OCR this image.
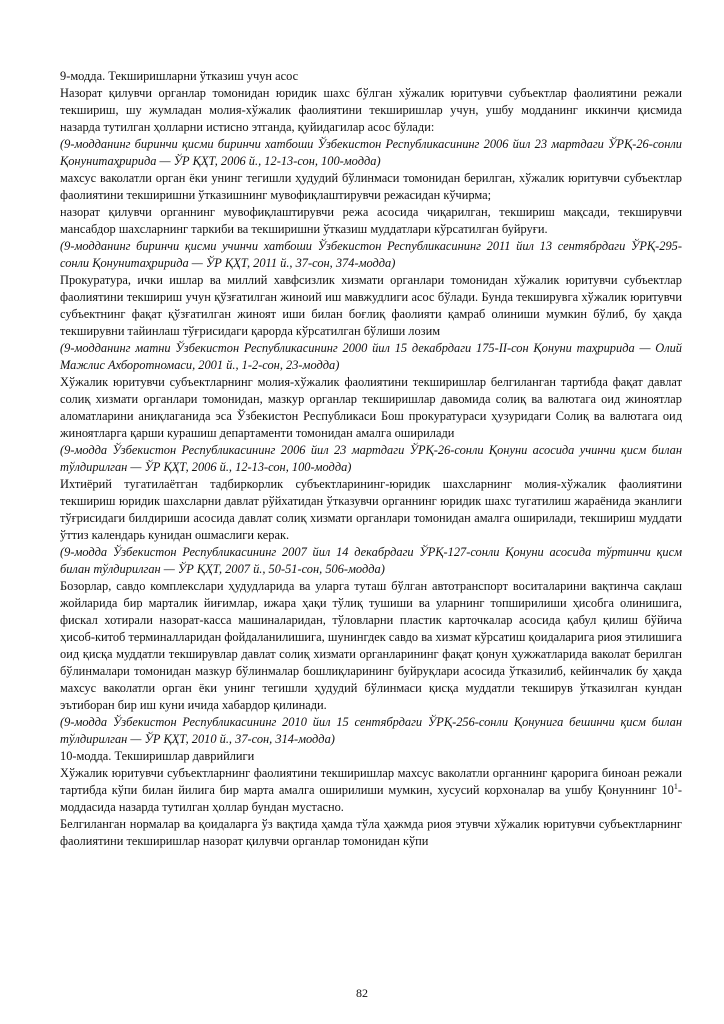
9-модда. Текширишларни ўтказиш учун асос

Назорат қилувчи органлар томонидан юридик шахс бўлган хўжалик юритувчи субъектлар фаолиятини режали текшириш, шу жумладан молия-хўжалик фаолиятини текширишлар учун, ушбу модданинг иккинчи қисмида назарда тутилган ҳолларни истисно этганда, қуйидагилар асос бўлади:

(9-модданинг биринчи қисми биринчи хатбоши Ўзбекистон Республикасининг 2006 йил 23 мартдаги ЎРҚ-26-сонли Қонунитаҳририда — ЎР ҚҲТ, 2006 й., 12-13-сон, 100-модда)

махсус ваколатли орган ёки унинг тегишли ҳудудий бўлинмаси томонидан берилган, хўжалик юритувчи субъектлар фаолиятини текширишни ўтказишнинг мувофиқлаштирувчи режасидан кўчирма;

назорат қилувчи органнинг мувофиқлаштирувчи режа асосида чиқарилган, текшириш мақсади, текширувчи мансабдор шахсларнинг таркиби ва текширишни ўтказиш муддатлари кўрсатилган буйруғи.

(9-модданинг биринчи қисми учинчи хатбоши Ўзбекистон Республикасининг 2011 йил 13 сентябрдаги ЎРҚ-295-сонли Қонунитаҳририда — ЎР ҚҲТ, 2011 й., 37-сон, 374-модда)

Прокуратура, ички ишлар ва миллий хавфсизлик хизмати органлари томонидан хўжалик юритувчи субъектлар фаолиятини текшириш учун қўзғатилган жиноий иш мавжудлиги асос бўлади. Бунда текширувга хўжалик юритувчи субъектнинг фақат қўзғатилган жиноят иши билан боғлиқ фаолияти қамраб олиниши мумкин бўлиб, бу ҳақда текширувни тайинлаш тўғрисидаги қарорда кўрсатилган бўлиши лозим

(9-модданинг матни Ўзбекистон Республикасининг 2000 йил 15 декабрдаги 175-II-сон Қонуни таҳририда — Олий Мажлис Ахборотномаси, 2001 й., 1-2-сон, 23-модда)

Хўжалик юритувчи субъектларнинг молия-хўжалик фаолиятини текширишлар белгиланган тартибда фақат давлат солиқ хизмати органлари томонидан, мазкур органлар текширишлар давомида солиқ ва валютага оид жиноятлар аломатларини аниқлаганида эса Ўзбекистон Республикаси Бош прокуратураси ҳузуридаги Солиқ ва валютага оид жиноятларга қарши курашиш департаменти томонидан амалга оширилади

(9-модда Ўзбекистон Республикасининг 2006 йил 23 мартдаги ЎРҚ-26-сонли Қонуни асосида учинчи қисм билан тўлдирилган — ЎР ҚҲТ, 2006 й., 12-13-сон, 100-модда)

Ихтиёрий тугатилаётган тадбиркорлик субъектларининг-юридик шахсларнинг молия-хўжалик фаолиятини текшириш юридик шахсларни давлат рўйхатидан ўтказувчи органнинг юридик шахс тугатилиш жараёнида эканлиги тўғрисидаги билдириши асосида давлат солиқ хизмати органлари томонидан амалга оширилади, текшириш муддати ўттиз календарь кунидан ошмаслиги керак.

(9-модда Ўзбекистон Республикасининг 2007 йил 14 декабрдаги ЎРҚ-127-сонли Қонуни асосида тўртинчи қисм билан тўлдирилган — ЎР ҚҲТ, 2007 й., 50-51-сон, 506-модда)

Бозорлар, савдо комплекслари ҳудудларида ва уларга туташ бўлган автотранспорт воситаларини вақтинча сақлаш жойларида бир марталик йиғимлар, ижара ҳақи тўлиқ тушиши ва уларнинг топширилиши ҳисобга олинишига, фискал хотирали назорат-касса машиналаридан, тўловларни пластик карточкалар асосида қабул қилиш бўйича ҳисоб-китоб терминалларидан фойдаланилишига, шунингдек савдо ва хизмат кўрсатиш қоидаларига риоя этилишига оид қисқа муддатли текширувлар давлат солиқ хизмати органларининг фақат қонун ҳужжатларида ваколат берилган бўлинмалари томонидан мазкур бўлинмалар бошлиқларининг буйруқлари асосида ўтказилиб, кейинчалик бу ҳақда махсус ваколатли орган ёки унинг тегишли ҳудудий бўлинмаси қисқа муддатли текширув ўтказилган кундан эътиборан бир иш куни ичида хабардор қилинади.

(9-модда Ўзбекистон Республикасининг 2010 йил 15 сентябрдаги ЎРҚ-256-сонли Қонунига бешинчи қисм билан тўлдирилган — ЎР ҚҲТ, 2010 й., 37-сон, 314-модда)

10-модда. Текширишлар даврийлиги

Хўжалик юритувчи субъектларнинг фаолиятини текширишлар махсус ваколатли органнинг қарорига биноан режали тартибда кўпи билан йилига бир марта амалга оширилиши мумкин, хусусий корхоналар ва ушбу Қонуннинг $10^1$-моддасида назарда тутилган ҳоллар бундан мустасно.

Белгиланган нормалар ва қоидаларга ўз вақтида ҳамда тўла ҳажмда риоя этувчи хўжалик юритувчи субъектларнинг фаолиятини текширишлар назорат қилувчи органлар томонидан кўпи

82
